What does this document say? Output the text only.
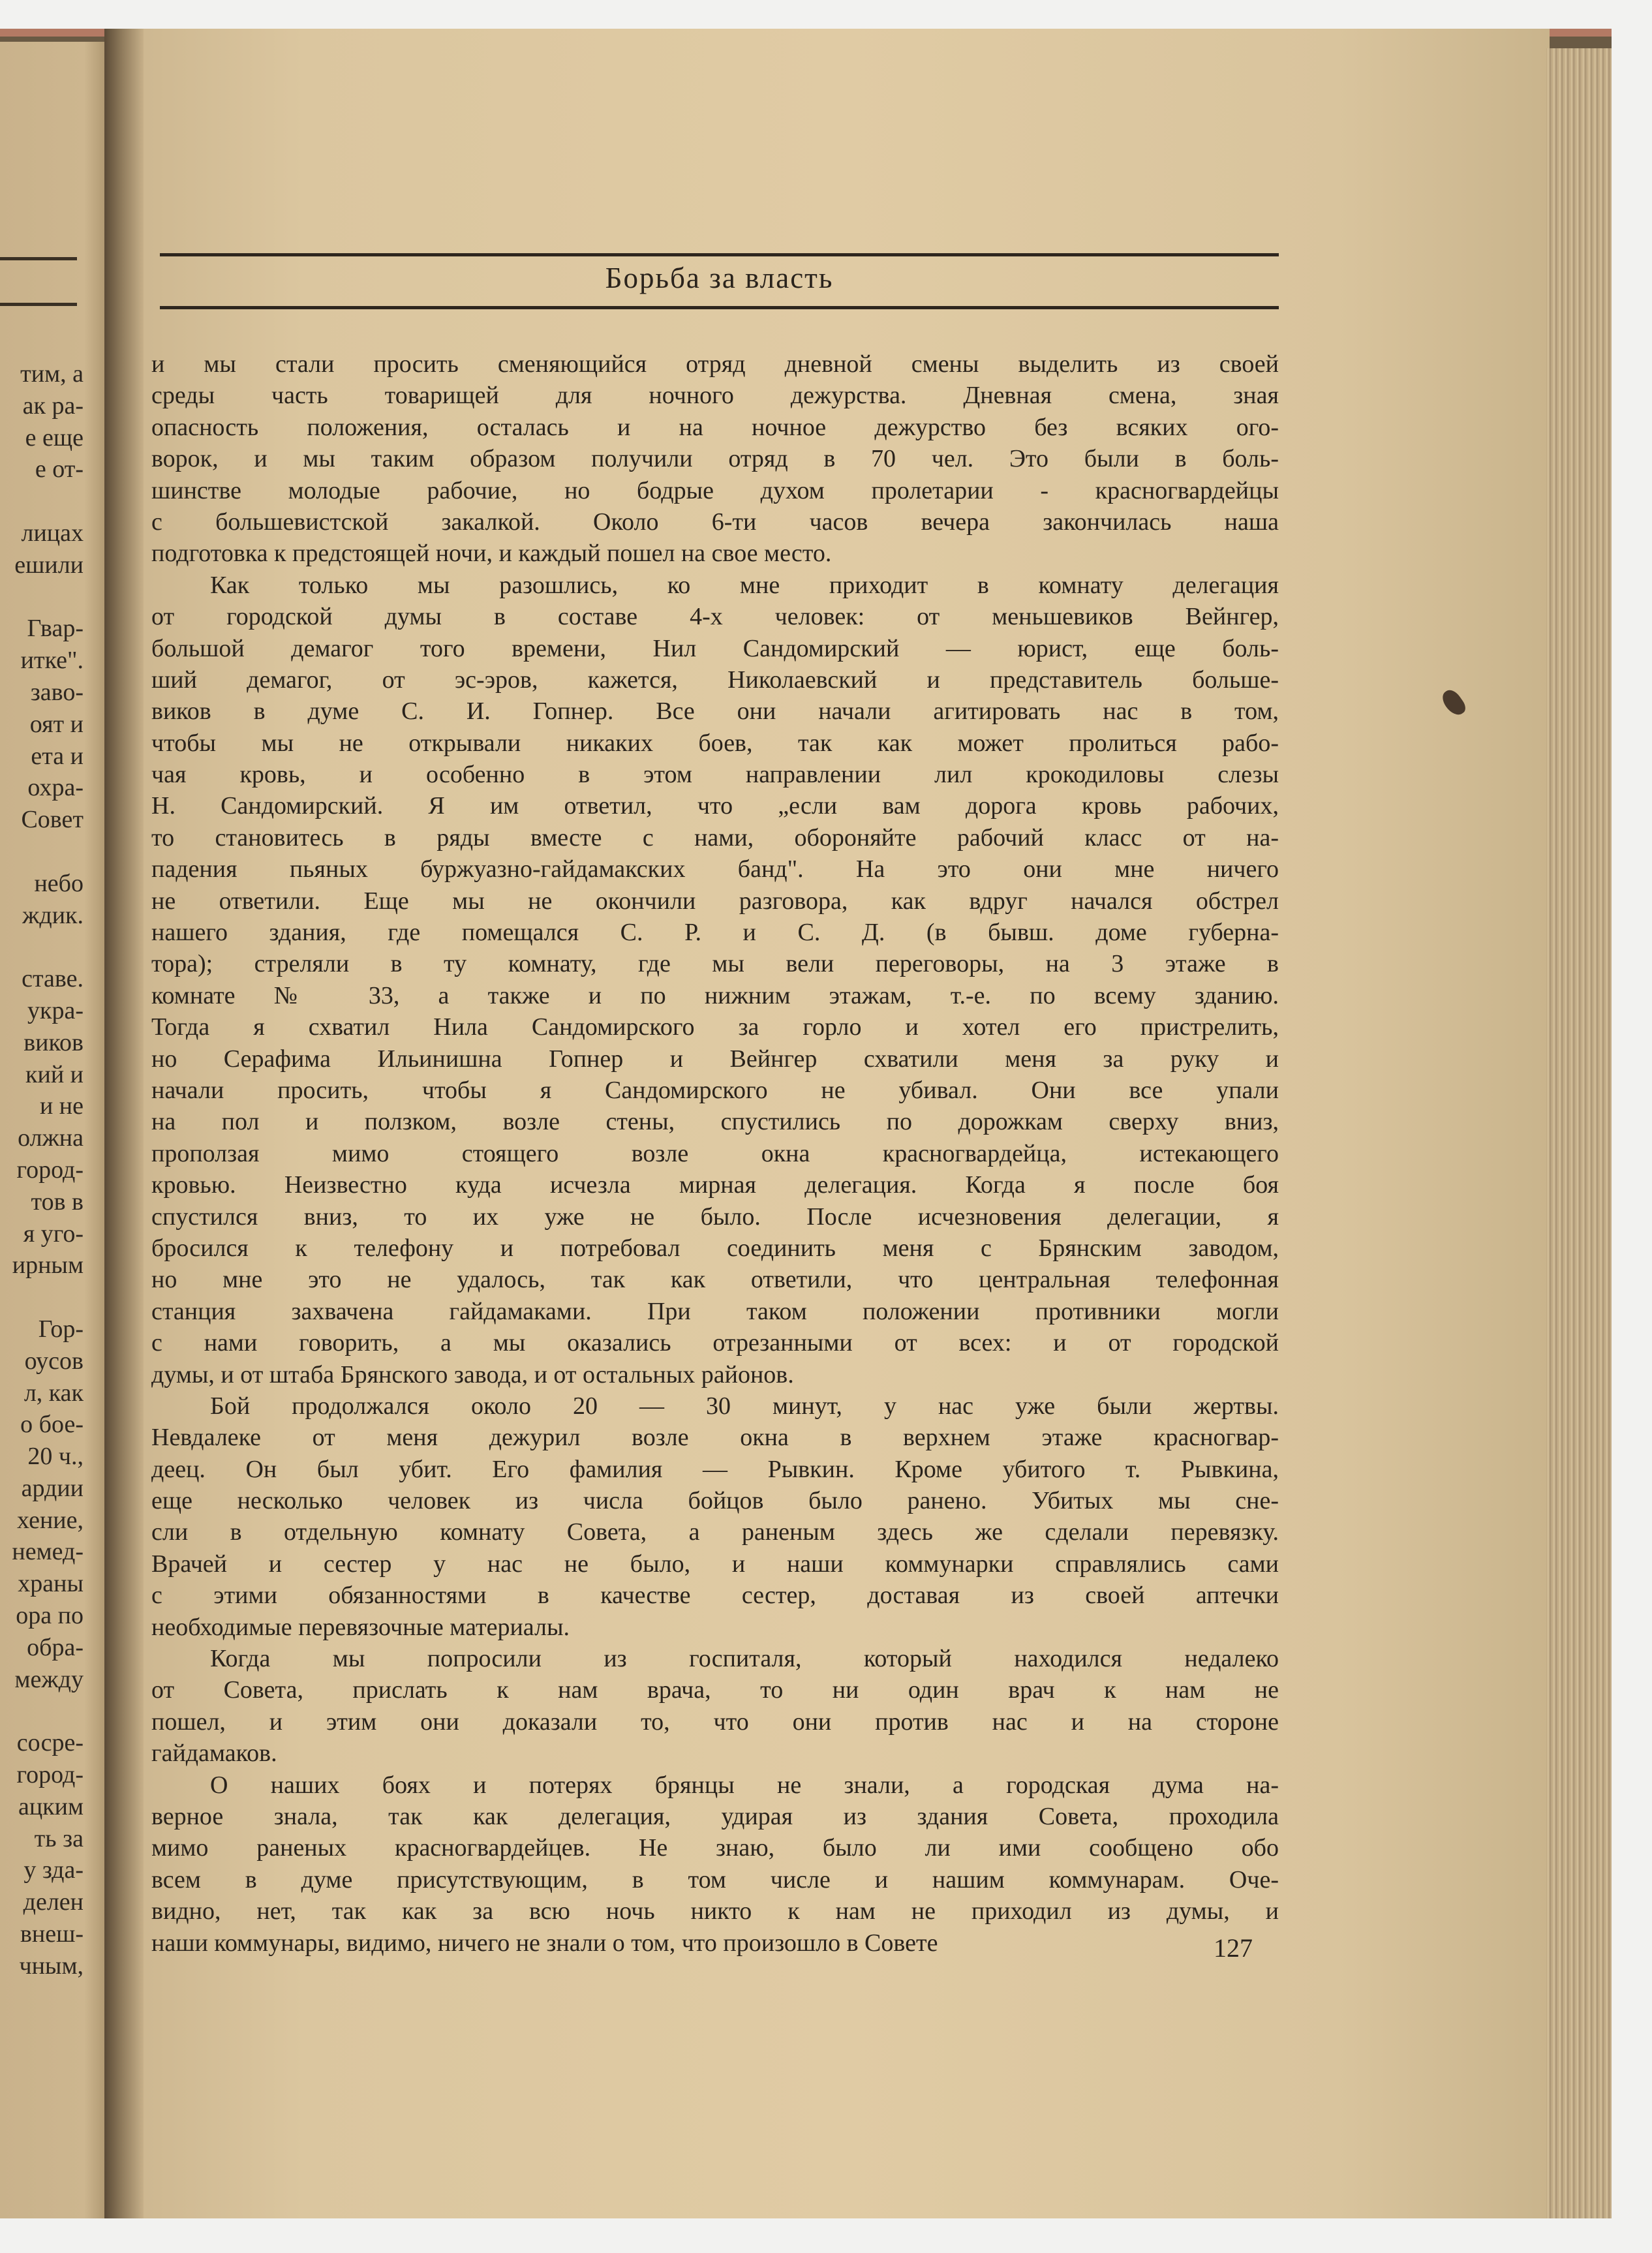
тим, а
ак ра-
е еще
е от-
лицах
ешили
Гвар-
итке".
заво-
оят и
ета и
охра-
Совет
небо
ждик.
ставе.
укра-
виков
кий и
и не
олжна
город-
тов в
я уго-
ирным
Гор-
оусов
л, как
о бое-
20 ч.,
ардии
хение,
немед-
храны
ора по
обра-
между
сосре-
город-
ацким
ть за
у зда-
делен
внеш-
чным,
Борьба за власть
и мы стали просить сменяющийся отряд дневной смены выделить из своей
среды часть товарищей для ночного дежурства. Дневная смена, зная
опасность положения, осталась и на ночное дежурство без всяких ого-
ворок, и мы таким образом получили отряд в 70 чел. Это были в боль-
шинстве молодые рабочие, но бодрые духом пролетарии - красногвардейцы
с большевистской закалкой. Около 6-ти часов вечера закончилась наша
подготовка к предстоящей ночи, и каждый пошел на свое место.
Как только мы разошлись, ко мне приходит в комнату делегация
от городской думы в составе 4-х человек: от меньшевиков Вейнгер,
большой демагог того времени, Нил Сандомирский — юрист, еще боль-
ший демагог, от эс-эров, кажется, Николаевский и представитель больше-
виков в думе С. И. Гопнер. Все они начали агитировать нас в том,
чтобы мы не открывали никаких боев, так как может пролиться рабо-
чая кровь, и особенно в этом направлении лил крокодиловы слезы
Н. Сандомирский. Я им ответил, что „если вам дорога кровь рабочих,
то становитесь в ряды вместе с нами, обороняйте рабочий класс от на-
падения пьяных буржуазно-гайдамакских банд". На это они мне ничего
не ответили. Еще мы не окончили разговора, как вдруг начался обстрел
нашего здания, где помещался С. Р. и С. Д. (в бывш. доме губерна-
тора); стреляли в ту комнату, где мы вели переговоры, на 3 этаже в
комнате № 33, а также и по нижним этажам, т.-е. по всему зданию.
Тогда я схватил Нила Сандомирского за горло и хотел его пристрелить,
но Серафима Ильинишна Гопнер и Вейнгер схватили меня за руку и
начали просить, чтобы я Сандомирского не убивал. Они все упали
на пол и ползком, возле стены, спустились по дорожкам сверху вниз,
проползая мимо стоящего возле окна красногвардейца, истекающего
кровью. Неизвестно куда исчезла мирная делегация. Когда я после боя
спустился вниз, то их уже не было. После исчезновения делегации, я
бросился к телефону и потребовал соединить меня с Брянским заводом,
но мне это не удалось, так как ответили, что центральная телефонная
станция захвачена гайдамаками. При таком положении противники могли
с нами говорить, а мы оказались отрезанными от всех: и от городской
думы, и от штаба Брянского завода, и от остальных районов.
Бой продолжался около 20 — 30 минут, у нас уже были жертвы.
Невдалеке от меня дежурил возле окна в верхнем этаже красногвар-
деец. Он был убит. Его фамилия — Рывкин. Кроме убитого т. Рывкина,
еще несколько человек из числа бойцов было ранено. Убитых мы сне-
сли в отдельную комнату Совета, а раненым здесь же сделали перевязку.
Врачей и сестер у нас не было, и наши коммунарки справлялись сами
с этими обязанностями в качестве сестер, доставая из своей аптечки
необходимые перевязочные материалы.
Когда мы попросили из госпиталя, который находился недалеко
от Совета, прислать к нам врача, то ни один врач к нам не
пошел, и этим они доказали то, что они против нас и на стороне
гайдамаков.
О наших боях и потерях брянцы не знали, а городская дума на-
верное знала, так как делегация, удирая из здания Совета, проходила
мимо раненых красногвардейцев. Не знаю, было ли ими сообщено обо
всем в думе присутствующим, в том числе и нашим коммунарам. Оче-
видно, нет, так как за всю ночь никто к нам не приходил из думы, и
наши коммунары, видимо, ничего не знали о том, что произошло в Совете	127
